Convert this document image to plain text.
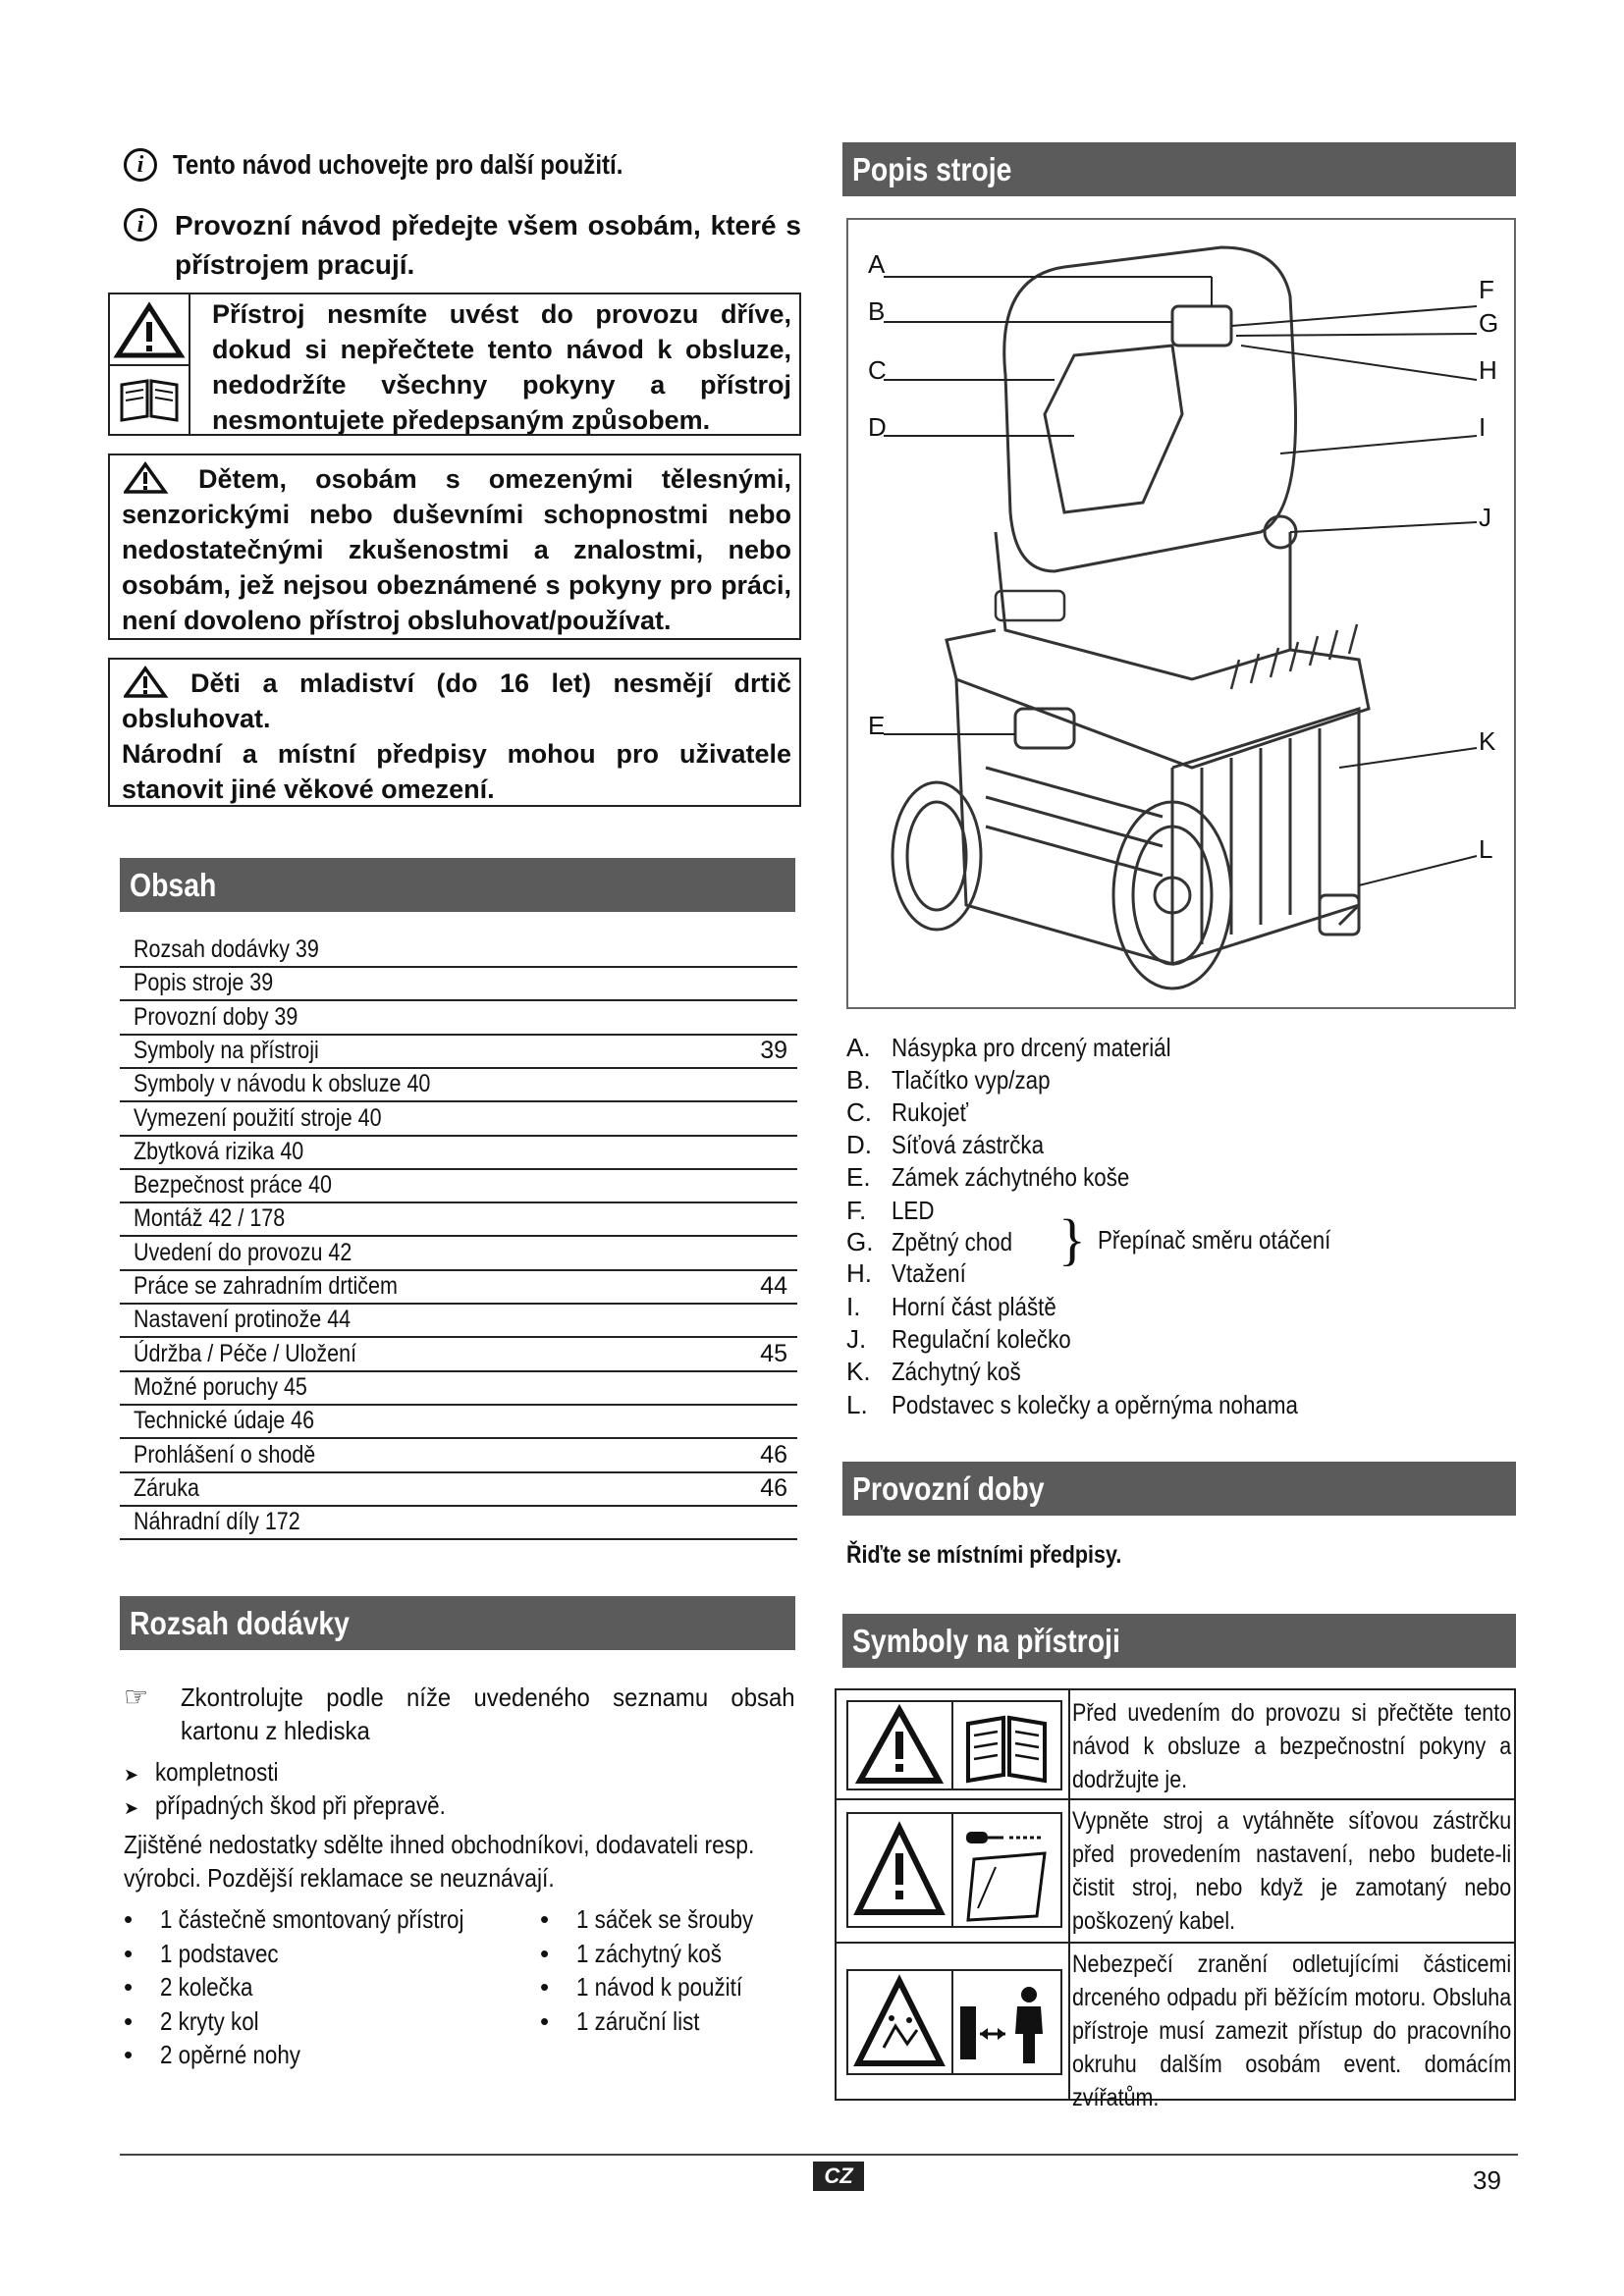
i Tento návod uchovejte pro další použití.
i	Provozní návod předejte všem osobám, které s přístrojem pracují.
Přístroj nesmíte uvést do provozu dříve, dokud si nepřečtete tento návod k obsluze, nedodržíte všechny pokyny a přístroj nesmontujete předepsaným způsobem.
Dětem, osobám s omezenými tělesnými, senzorickými nebo duševními schopnostmi nebo nedostatečnými zkušenostmi a znalostmi, nebo osobám, jež nejsou obeznámené s pokyny pro práci, není dovoleno přístroj obsluhovat/používat.
Děti a mladiství (do 16 let) nesmějí drtič obsluhovat.
Národní a místní předpisy mohou pro uživatele stanovit jiné věkové omezení.
Obsah
Rozsah dodávky 39
Popis stroje 39
Provozní doby 39
Symboly na přístroji	39
Symboly v návodu k obsluze 40
Vymezení použití stroje 40
Zbytková rizika 40
Bezpečnost práce 40
Montáž 42 / 178
Uvedení do provozu 42
Práce se zahradním drtičem	44
Nastavení protinože 44
Údržba / Péče / Uložení	45
Možné poruchy 45
Technické údaje 46
Prohlášení o shodě	46
Záruka	46
Náhradní díly 172
Rozsah dodávky
☞ Zkontrolujte podle níže uvedeného seznamu obsah kartonu z hlediska
➤ kompletnosti
➤ případných škod při přepravě.
Zjištěné nedostatky sdělte ihned obchodníkovi, dodavateli resp. výrobci. Pozdější reklamace se neuznávají.
• 1 částečně smontovaný přístroj
• 1 podstavec
• 2 kolečka
• 2 kryty kol
• 2 opěrné nohy
• 1 sáček se šrouby
• 1 záchytný koš
• 1 návod k použití
• 1 záruční list
Popis stroje
A
B
C
D
E
F
G
H
I
J
K
L
} Přepínač směru otáčení
A. Násypka pro drcený materiál
B. Tlačítko vyp/zap
C. Rukojeť
D. Síťová zástrčka
E. Zámek záchytného koše
F. LED
G. Zpětný chod
H. Vtažení
I.	Horní část pláště
J. Regulační kolečko
K. Záchytný koš
L. Podstavec s kolečky a opěrnýma nohama
Provozní doby
Řiďte se místními předpisy.
Symboly na přístroji
Před uvedením do provozu si přečtěte tento návod k obsluze a bezpečnostní pokyny a dodržujte je.
Vypněte stroj a vytáhněte síťovou zástrčku před provedením nastavení, nebo budete-li čistit stroj, nebo když je zamotaný nebo poškozený kabel.
Nebezpečí zranění odletujícími částicemi drceného odpadu při běžícím motoru. Obsluha přístroje musí zamezit přístup do pracovního okruhu dalším osobám event. domácím zvířatům.
CZ	39
